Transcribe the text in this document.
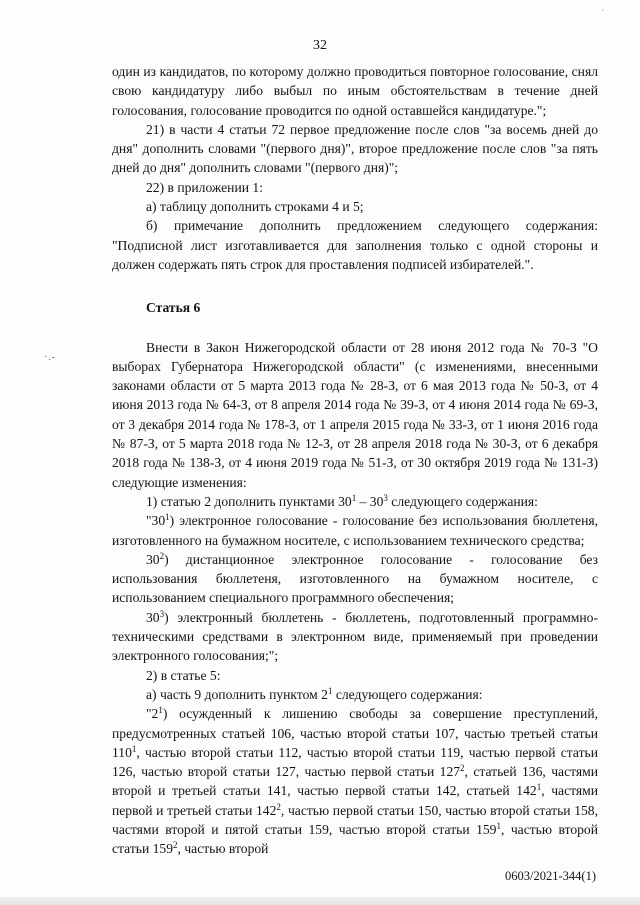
'
32
·.-

один из кандидатов, по которому должно проводиться повторное голосование, снял свою кандидатуру либо выбыл по иным обстоятельствам в течение дней голосования, голосование проводится по одной оставшейся кандидатуре.";

21) в части 4 статьи 72 первое предложение после слов "за восемь дней до дня" дополнить словами "(первого дня)", второе предложение после слов "за пять дней до дня" дополнить словами "(первого дня)";

22) в приложении 1:

а) таблицу дополнить строками 4 и 5;

б) примечание дополнить предложением следующего содержания: "Подписной лист изготавливается для заполнения только с одной стороны и должен содержать пять строк для проставления подписей избирателей.".

Статья 6

Внести в Закон Нижегородской области от 28 июня 2012 года № 70-З "О выборах Губернатора Нижегородской области" (с изменениями, внесенными законами области от 5 марта 2013 года № 28-З, от 6 мая 2013 года № 50-З, от 4 июня 2013 года № 64-З, от 8 апреля 2014 года № 39-З, от 4 июня 2014 года № 69-З, от 3 декабря 2014 года № 178-З, от 1 апреля 2015 года № 33-З, от 1 июня 2016 года № 87-З, от 5 марта 2018 года № 12-З, от 28 апреля 2018 года № 30-З, от 6 декабря 2018 года № 138-З, от 4 июня 2019 года № 51-З, от 30 октября 2019 года № 131-З) следующие изменения:

1) статью 2 дополнить пунктами $30^1 - 30^3$ следующего содержания:

"$30^1$) электронное голосование - голосование без использования бюллетеня, изготовленного на бумажном носителе, с использованием технического средства;

$30^2$) дистанционное электронное голосование - голосование без использования бюллетеня, изготовленного на бумажном носителе, с использованием специального программного обеспечения;

$30^3$) электронный бюллетень - бюллетень, подготовленный программно-техническими средствами в электронном виде, применяемый при проведении электронного голосования;";

2) в статье 5:

а) часть 9 дополнить пунктом $2^1$ следующего содержания:

"$2^1$) осужденный к лишению свободы за совершение преступлений, предусмотренных статьей 106, частью второй статьи 107, частью третьей статьи $110^1$, частью второй статьи 112, частью второй статьи 119, частью первой статьи 126, частью второй статьи 127, частью первой статьи $127^2$, статьей 136, частями второй и третьей статьи 141, частью первой статьи 142, статьей $142^1$, частями первой и третьей статьи $142^2$, частью первой статьи 150, частью второй статьи 158, частями второй и пятой статьи 159, частью второй статьи $159^1$, частью второй статьи $159^2$, частью второй

0603/2021-344(1)
